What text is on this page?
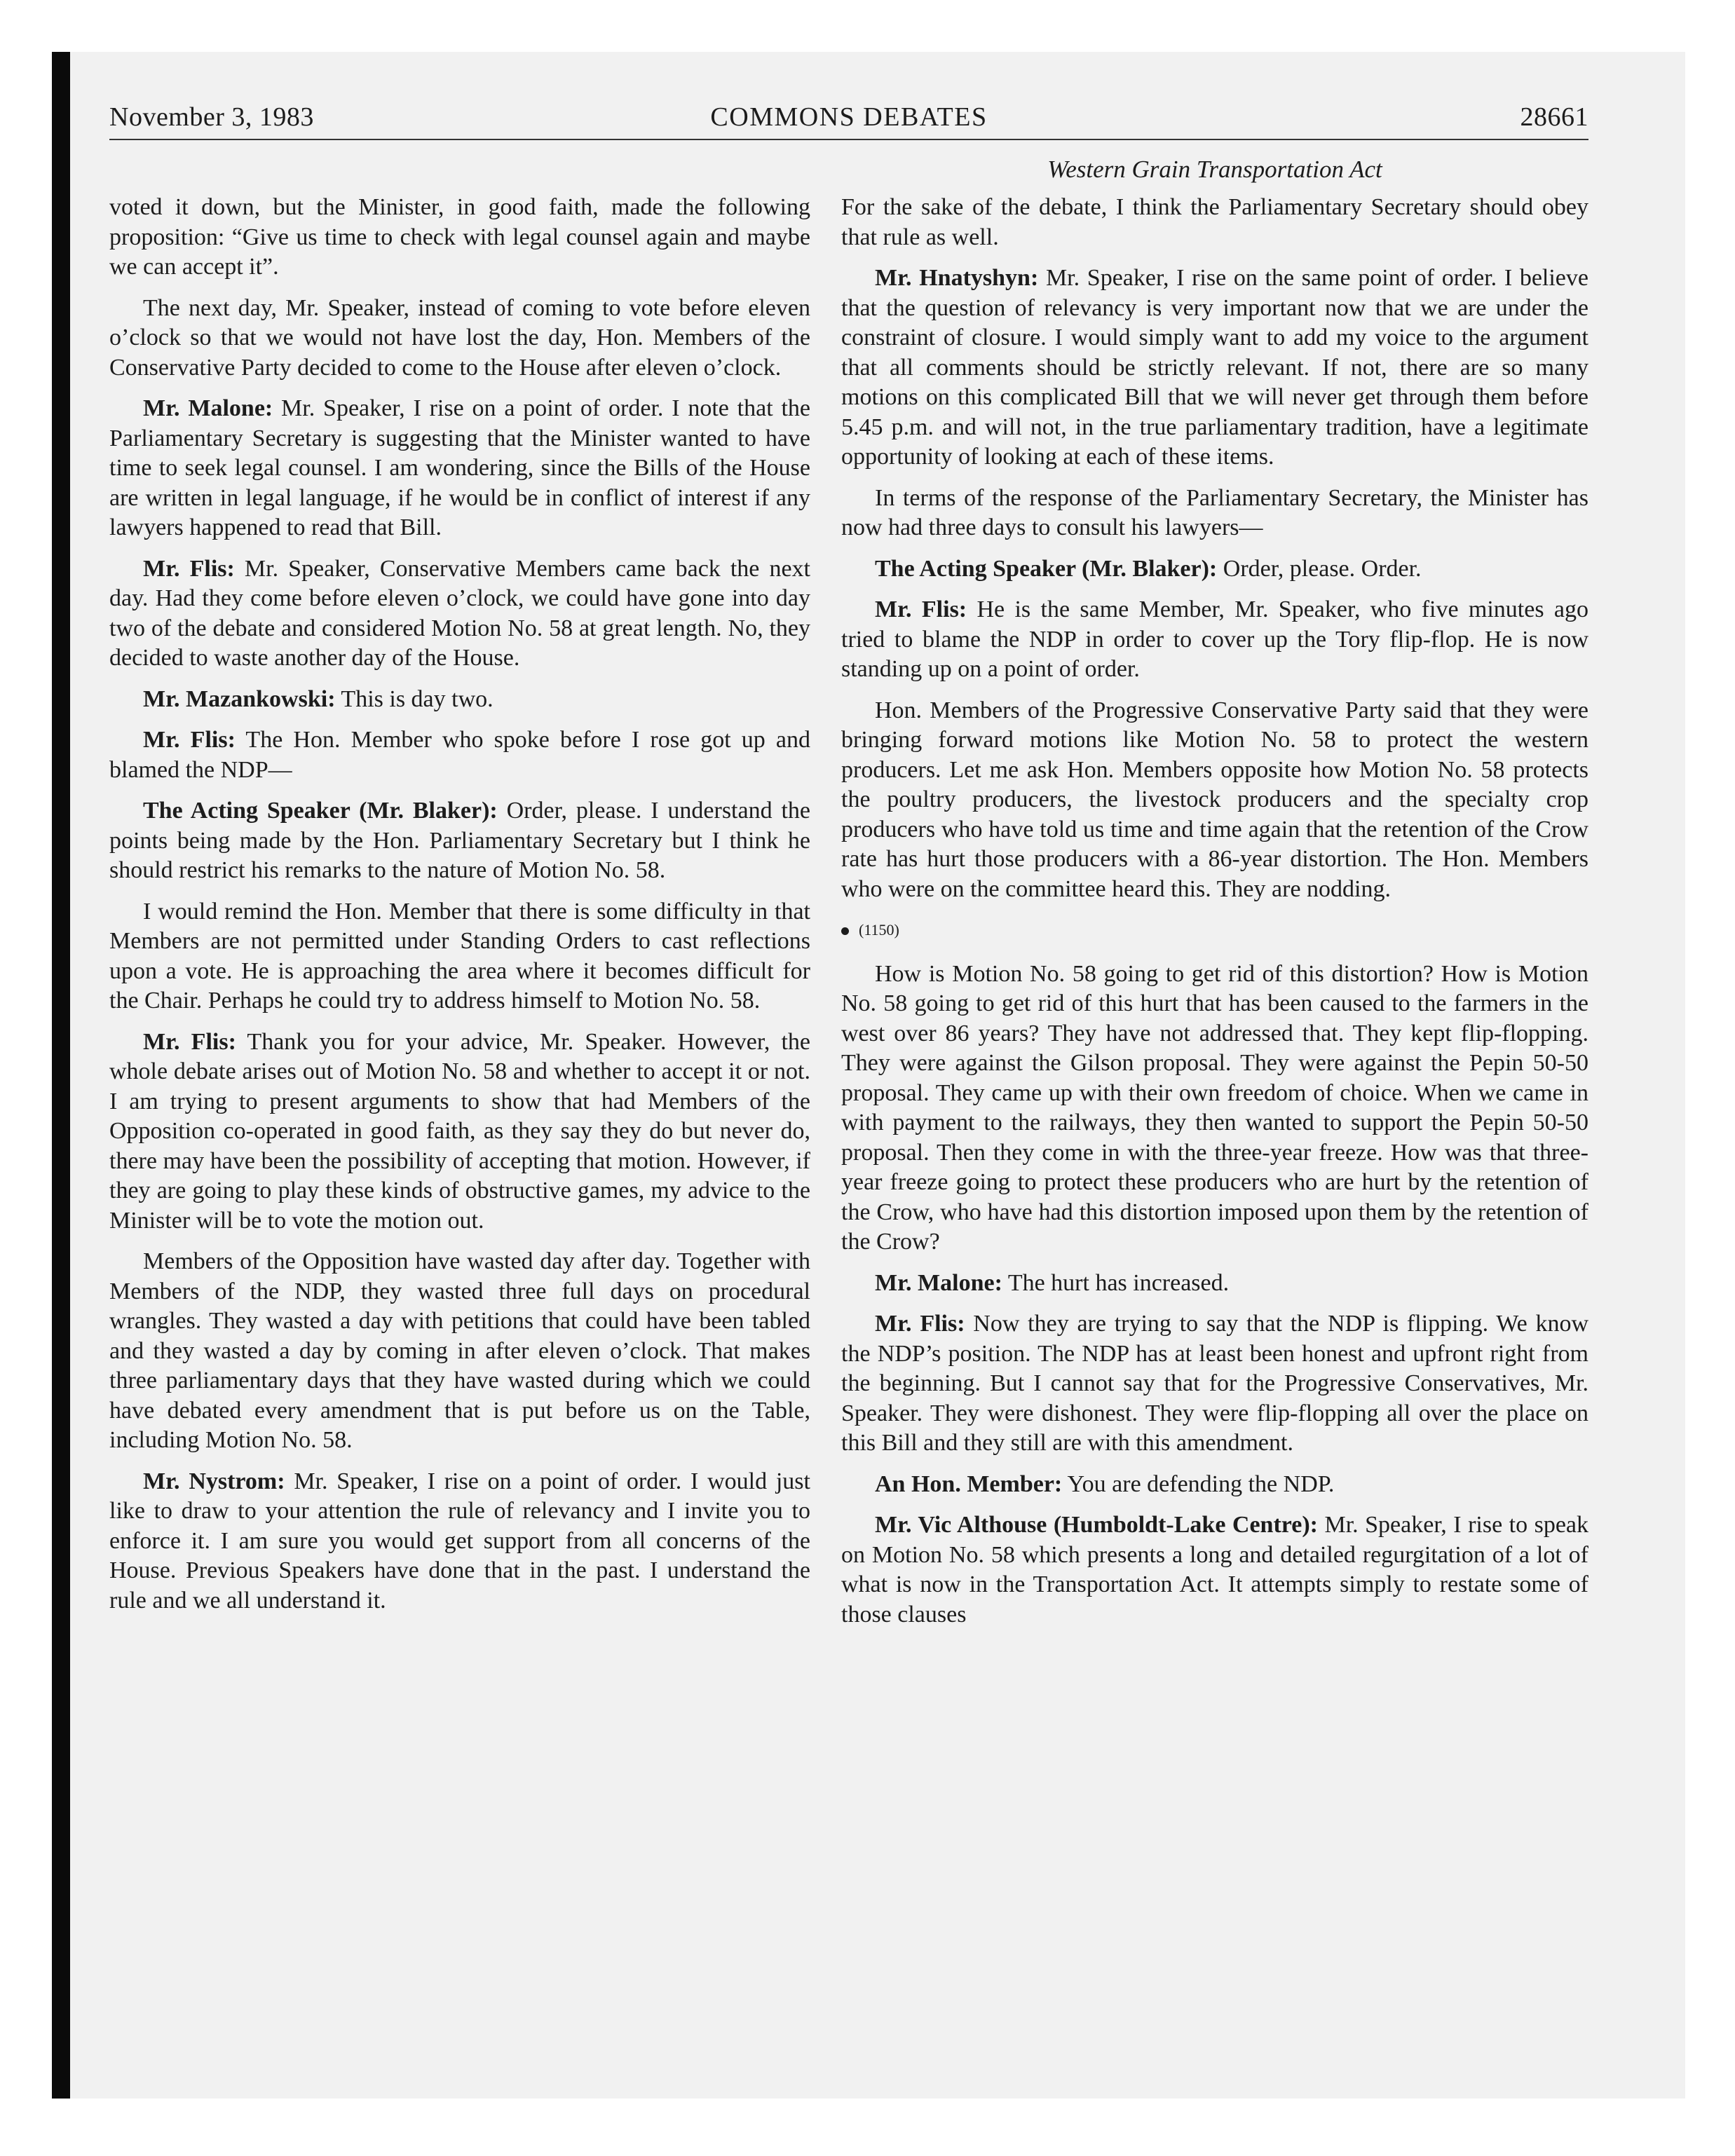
November 3, 1983	COMMONS DEBATES	28661
Western Grain Transportation Act

voted it down, but the Minister, in good faith, made the following proposition: “Give us time to check with legal counsel again and maybe we can accept it”.

The next day, Mr. Speaker, instead of coming to vote before eleven o’clock so that we would not have lost the day, Hon. Members of the Conservative Party decided to come to the House after eleven o’clock.

Mr. Malone: Mr. Speaker, I rise on a point of order. I note that the Parliamentary Secretary is suggesting that the Minister wanted to have time to seek legal counsel. I am wondering, since the Bills of the House are written in legal language, if he would be in conflict of interest if any lawyers happened to read that Bill.

Mr. Flis: Mr. Speaker, Conservative Members came back the next day. Had they come before eleven o’clock, we could have gone into day two of the debate and considered Motion No. 58 at great length. No, they decided to waste another day of the House.

Mr. Mazankowski: This is day two.

Mr. Flis: The Hon. Member who spoke before I rose got up and blamed the NDP—

The Acting Speaker (Mr. Blaker): Order, please. I understand the points being made by the Hon. Parliamentary Secretary but I think he should restrict his remarks to the nature of Motion No. 58.

I would remind the Hon. Member that there is some difficulty in that Members are not permitted under Standing Orders to cast reflections upon a vote. He is approaching the area where it becomes difficult for the Chair. Perhaps he could try to address himself to Motion No. 58.

Mr. Flis: Thank you for your advice, Mr. Speaker. However, the whole debate arises out of Motion No. 58 and whether to accept it or not. I am trying to present arguments to show that had Members of the Opposition co-operated in good faith, as they say they do but never do, there may have been the possibility of accepting that motion. However, if they are going to play these kinds of obstructive games, my advice to the Minister will be to vote the motion out.

Members of the Opposition have wasted day after day. Together with Members of the NDP, they wasted three full days on procedural wrangles. They wasted a day with petitions that could have been tabled and they wasted a day by coming in after eleven o’clock. That makes three parliamentary days that they have wasted during which we could have debated every amendment that is put before us on the Table, including Motion No. 58.

Mr. Nystrom: Mr. Speaker, I rise on a point of order. I would just like to draw to your attention the rule of relevancy and I invite you to enforce it. I am sure you would get support from all concerns of the House. Previous Speakers have done that in the past. I understand the rule and we all understand it.

For the sake of the debate, I think the Parliamentary Secretary should obey that rule as well.

Mr. Hnatyshyn: Mr. Speaker, I rise on the same point of order. I believe that the question of relevancy is very important now that we are under the constraint of closure. I would simply want to add my voice to the argument that all comments should be strictly relevant. If not, there are so many motions on this complicated Bill that we will never get through them before 5.45 p.m. and will not, in the true parliamentary tradition, have a legitimate opportunity of looking at each of these items.

In terms of the response of the Parliamentary Secretary, the Minister has now had three days to consult his lawyers—

The Acting Speaker (Mr. Blaker): Order, please. Order.

Mr. Flis: He is the same Member, Mr. Speaker, who five minutes ago tried to blame the NDP in order to cover up the Tory flip-flop. He is now standing up on a point of order.

Hon. Members of the Progressive Conservative Party said that they were bringing forward motions like Motion No. 58 to protect the western producers. Let me ask Hon. Members opposite how Motion No. 58 protects the poultry producers, the livestock producers and the specialty crop producers who have told us time and time again that the retention of the Crow rate has hurt those producers with a 86-year distortion. The Hon. Members who were on the committee heard this. They are nodding.

(1150)

How is Motion No. 58 going to get rid of this distortion? How is Motion No. 58 going to get rid of this hurt that has been caused to the farmers in the west over 86 years? They have not addressed that. They kept flip-flopping. They were against the Gilson proposal. They were against the Pepin 50-50 proposal. They came up with their own freedom of choice. When we came in with payment to the railways, they then wanted to support the Pepin 50-50 proposal. Then they come in with the three-year freeze. How was that three-year freeze going to protect these producers who are hurt by the retention of the Crow, who have had this distortion imposed upon them by the retention of the Crow?

Mr. Malone: The hurt has increased.

Mr. Flis: Now they are trying to say that the NDP is flipping. We know the NDP’s position. The NDP has at least been honest and upfront right from the beginning. But I cannot say that for the Progressive Conservatives, Mr. Speaker. They were dishonest. They were flip-flopping all over the place on this Bill and they still are with this amendment.

An Hon. Member: You are defending the NDP.

Mr. Vic Althouse (Humboldt-Lake Centre): Mr. Speaker, I rise to speak on Motion No. 58 which presents a long and detailed regurgitation of a lot of what is now in the Transportation Act. It attempts simply to restate some of those clauses
